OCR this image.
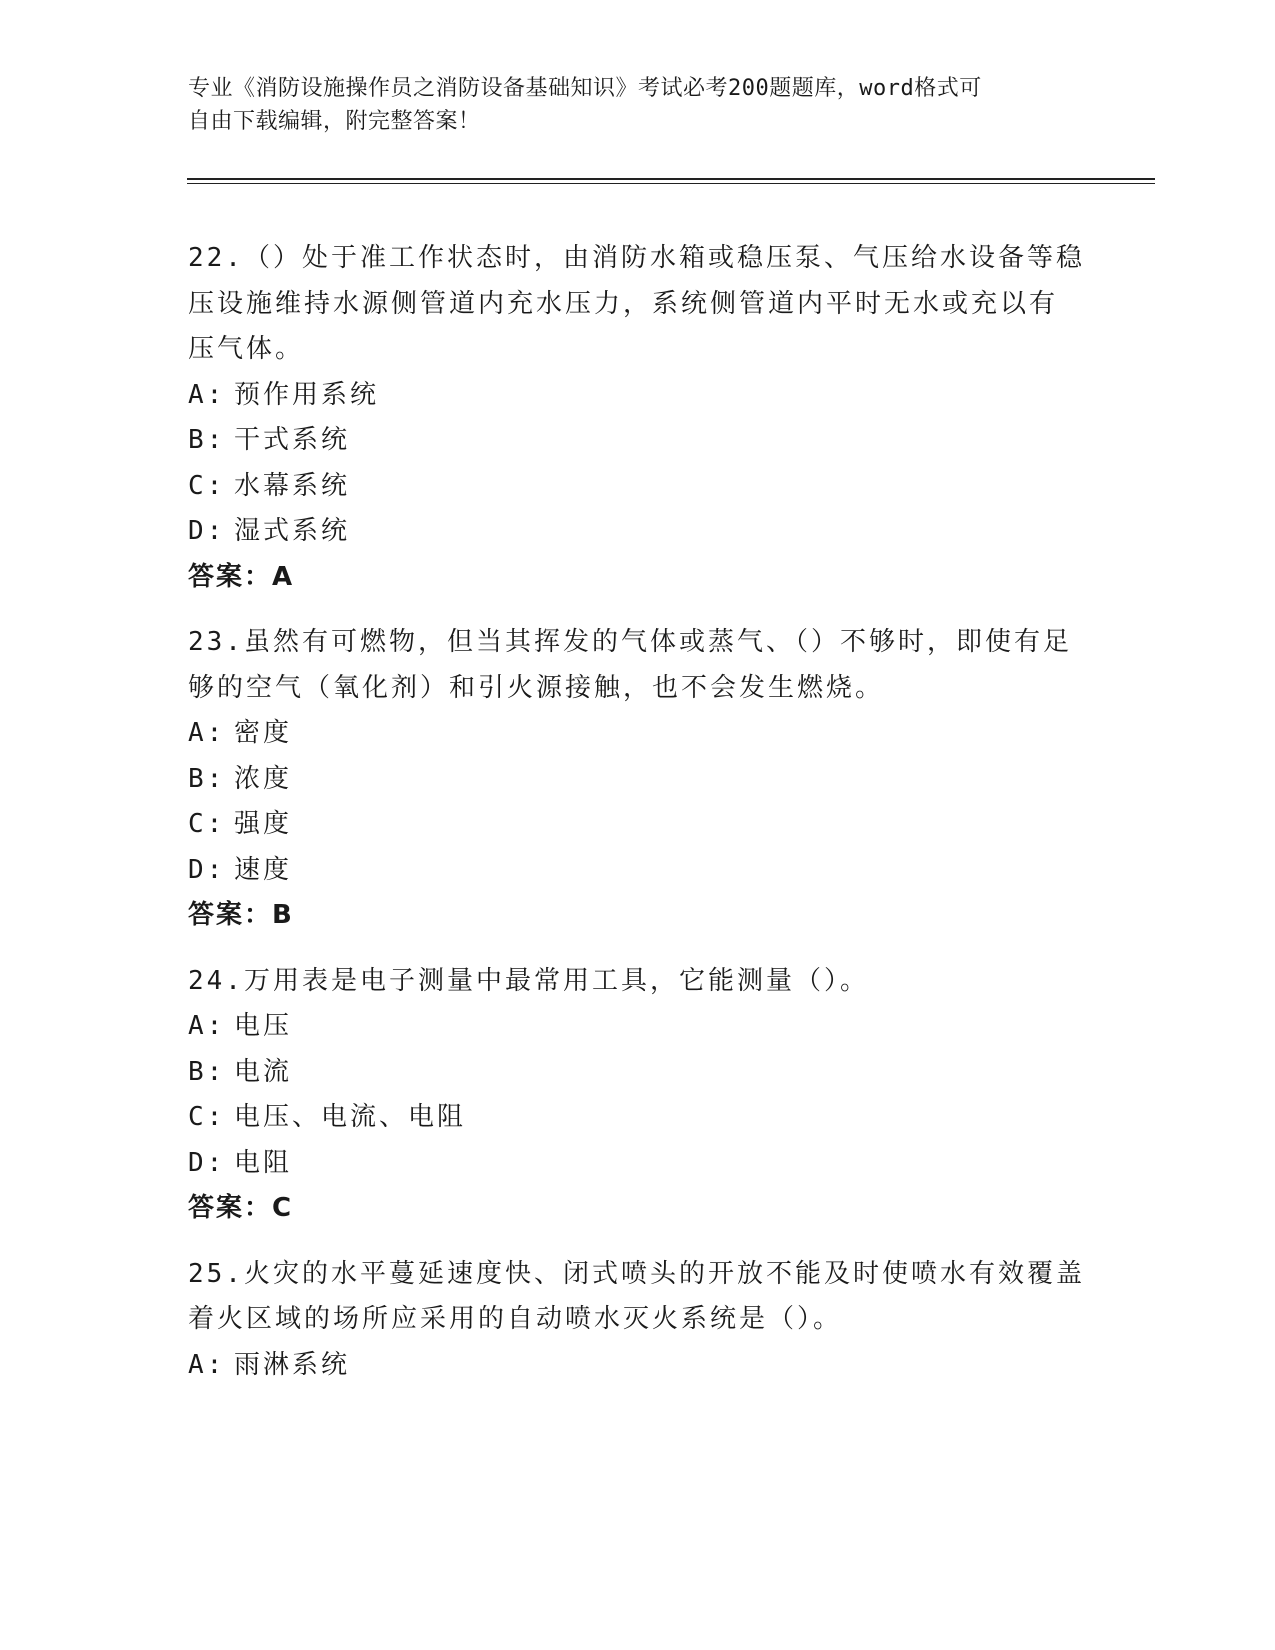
专业《消防设施操作员之消防设备基础知识》考试必考200题题库，word格式可
自由下载编辑，附完整答案！
22.（）处于准工作状态时，由消防水箱或稳压泵、气压给水设备等稳
压设施维持水源侧管道内充水压力，系统侧管道内平时无水或充以有
压气体。
A: 预作用系统
B: 干式系统
C: 水幕系统
D: 湿式系统
答案：A
23.虽然有可燃物，但当其挥发的气体或蒸气、（）不够时，即使有足
够的空气（氧化剂）和引火源接触，也不会发生燃烧。
A: 密度
B: 浓度
C: 强度
D: 速度
答案：B
24.万用表是电子测量中最常用工具，它能测量（）。
A: 电压
B: 电流
C: 电压、电流、电阻
D: 电阻
答案：C
25.火灾的水平蔓延速度快、闭式喷头的开放不能及时使喷水有效覆盖
着火区域的场所应采用的自动喷水灭火系统是（）。
A: 雨淋系统
